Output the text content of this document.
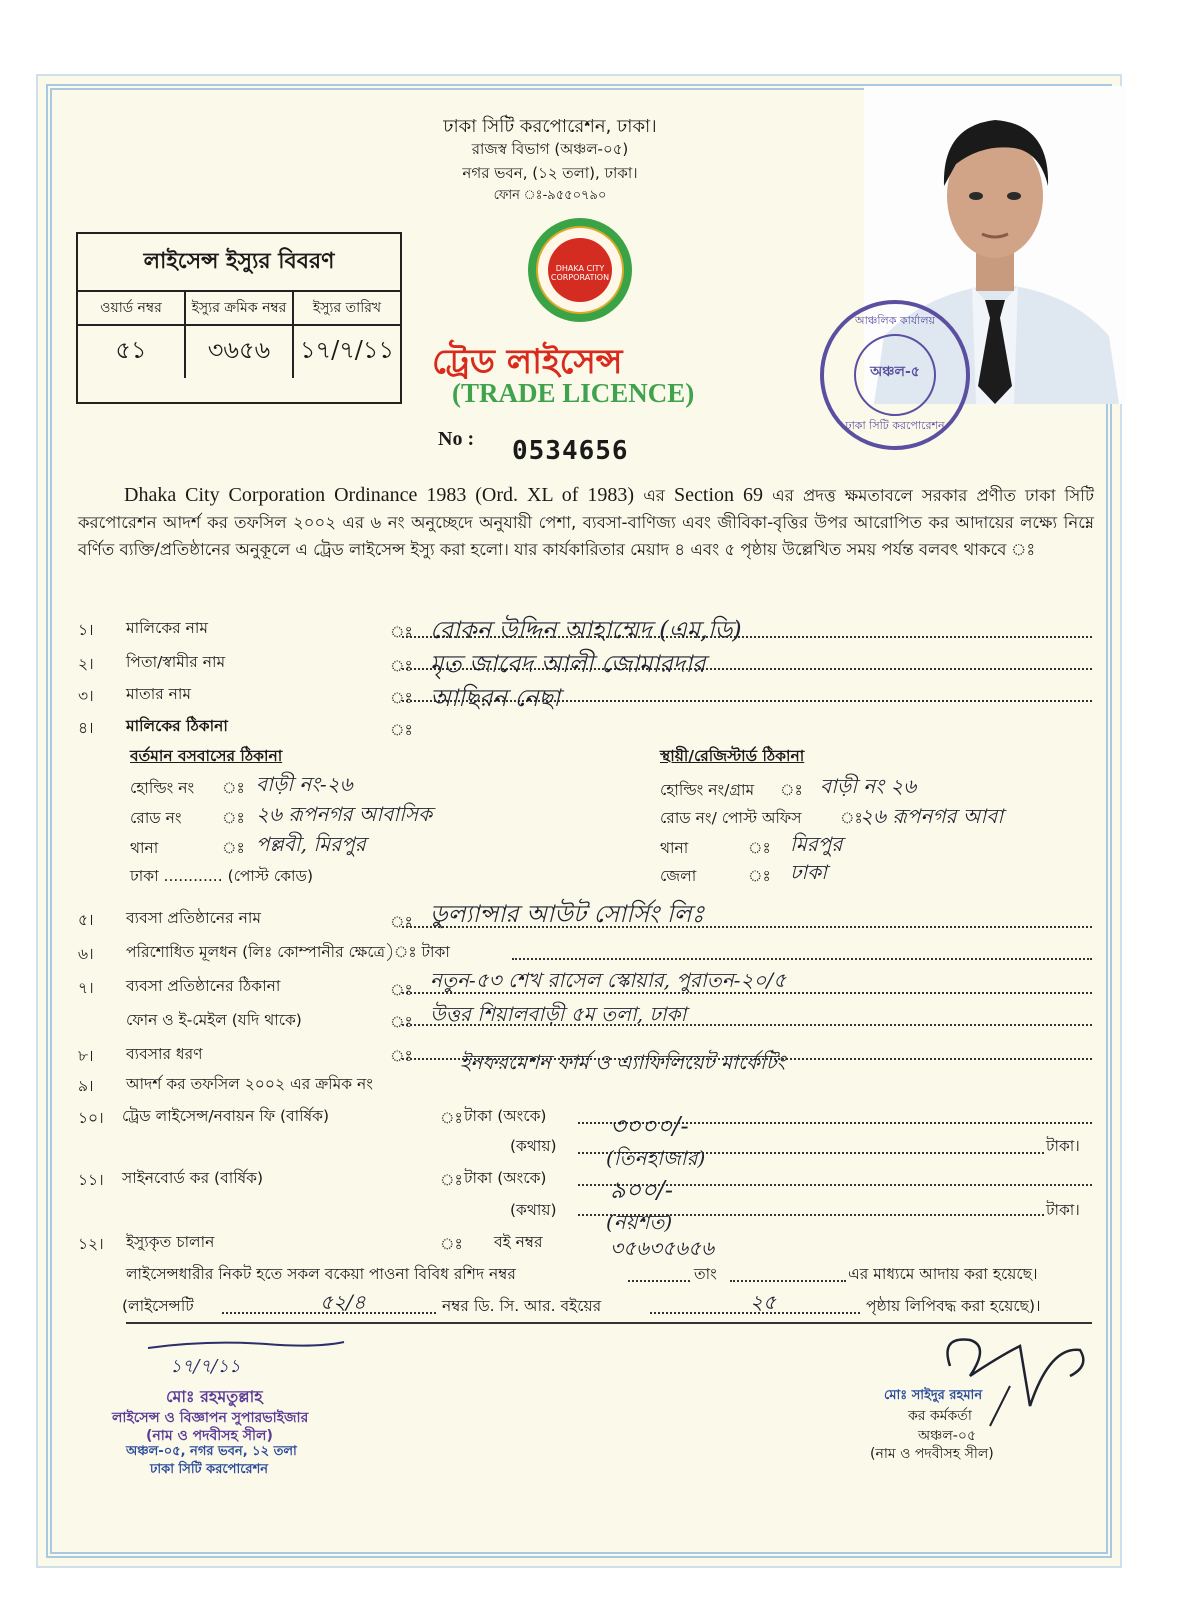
ঢাকা সিটি করপোরেশন, ঢাকা।
রাজস্ব বিভাগ (অঞ্চল-০৫)
নগর ভবন, (১২ তলা), ঢাকা।
ফোন ঃ-৯৫৫০৭৯০
DHAKA CITY CORPORATION
লাইসেন্স ইস্যুর বিবরণ
ওয়ার্ড নম্বর	ইস্যুর ক্রমিক নম্বর	ইস্যুর তারিখ
৫১	৩৬৫৬	১৭/৭/১১ ট্রেড লাইসেন্স
(TRADE LICENCE)
আঞ্চলিক কার্যালয়
অঞ্চল-৫
ঢাকা সিটি করপোরেশন
No : 0534656
Dhaka City Corporation Ordinance 1983 (Ord. XL of 1983) এর Section 69 এর প্রদত্ত ক্ষমতাবলে সরকার প্রণীত ঢাকা সিটি করপোরেশন আদর্শ কর তফসিল ২০০২ এর ৬ নং অনুচ্ছেদে অনুযায়ী পেশা, ব্যবসা-বাণিজ্য এবং জীবিকা-বৃত্তির উপর আরোপিত কর আদায়ের লক্ষ্যে নিম্নে বর্ণিত ব্যক্তি/প্রতিষ্ঠানের অনুকূলে এ ট্রেড লাইসেন্স ইস্যু করা হলো। যার কার্যকারিতার মেয়াদ ৪ এবং ৫ পৃষ্ঠায় উল্লেখিত সময় পর্যন্ত বলবৎ থাকবে ঃ
১। মালিকের নাম	ঃ রোকন উদ্দিন আহাম্মেদ (এম,ডি)
২। পিতা/স্বামীর নাম	ঃ মৃত জাবেদ আলী জোমারদার
৩। মাতার নাম	ঃ আছিরন নেছা
৪। মালিকের ঠিকানা	ঃ
বর্তমান বসবাসের ঠিকানা
হোল্ডিং নং ঃ বাড়ী নং-২৬
রোড নং	ঃ ২৬ রূপনগর আবাসিক
থানা	ঃ পল্লবী, মিরপুর
ঢাকা ............ (পোস্ট কোড)
স্থায়ী/রেজিস্টার্ড ঠিকানা
হোল্ডিং নং/গ্রাম ঃ বাড়ী নং ২৬
রোড নং/ পোস্ট অফিস ঃ
২৬ রূপনগর আবা
থানা	ঃ মিরপুর
জেলা	ঃ ঢাকা
৫। ব্যবসা প্রতিষ্ঠানের নাম	ঃ ডুল্যান্সার আউট সোর্সিং লিঃ
৬। পরিশোধিত মূলধন (লিঃ কোম্পানীর ক্ষেত্রে)ঃ টাকা
৭। ব্যবসা প্রতিষ্ঠানের ঠিকানা	ঃ নতুন-৫৩ শেখ রাসেল স্কোয়ার, পুরাতন-২০/৫
ফোন ও ই-মেইল (যদি থাকে)	ঃ উত্তর শিয়ালবাড়ী ৫ম তলা, ঢাকা
৮। ব্যবসার ধরণ	ঃ ইনফরমেশন ফার্ম ও এ্যাফিলিয়েট মার্কেটিং
৯। আদর্শ কর তফসিল ২০০২ এর ক্রমিক নং
১০। ট্রেড লাইসেন্স/নবায়ন ফি (বার্ষিক)	ঃ টাকা (অংকে)	৩০০০/-
(কথায়) (তিনহাজার)	টাকা।
১১। সাইনবোর্ড কর (বার্ষিক)	ঃ টাকা (অংকে)	৯০০/-
(কথায়) (নয়শত)	টাকা।
১২। ইস্যুকৃত চালান	ঃ বই নম্বর	৩৫৬৩৫৬৫৬
লাইসেন্সধারীর নিকট হতে সকল বকেয়া পাওনা বিবিধ রশিদ নম্বর	তাং	এর মাধ্যমে আদায় করা হয়েছে।
(লাইসেন্সটি	৫২/৪	নম্বর ডি. সি. আর. বইয়ের	২৫	পৃষ্ঠায় লিপিবদ্ধ করা হয়েছে)।
১৭/৭/১১
মোঃ রহমতুল্লাহ
লাইসেন্স ও বিজ্ঞাপন সুপারভাইজার
(নাম ও পদবীসহ সীল)
অঞ্চল-০৫, নগর ভবন, ১২ তলা
ঢাকা সিটি করপোরেশন
মোঃ সাইদুর রহমান
কর কর্মকর্তা
অঞ্চল-০৫
(নাম ও পদবীসহ সীল)
